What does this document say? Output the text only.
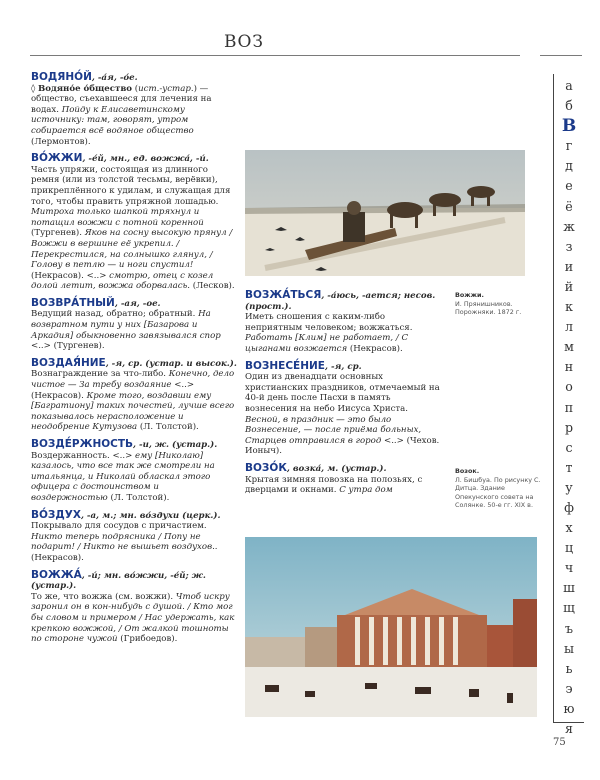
ВОЗ

ВОДЯНО́Й, -а́я, -о́е.
◊ Водяно́е о́бщество (ист.-устар.) — общество, съехавшееся для лечения на водах. Пойду к Елисаветинскому источнику: там, говорят, утром собирается всё водяное общество (Лермонтов).

ВО́ЖЖИ, -е́й, мн., ед. вожжа́, -и́.
Часть упряжи, состоящая из длинного ремня (или из толстой тесьмы, верёвки), прикреплённого к удилам, и служащая для того, чтобы править упряжной лошадью. Митроха только шапкой тряхнул и потащил вожжи с потной коренной (Тургенев). Яков на сосну высокую прянул / Вожжи в вершине её укрепил. / Перекрестился, на солнышко глянул, / Голову в петлю — и ноги спустил! (Некрасов). <..> смотрю, отец с козел долой летит, вожжа оборвалась. (Лесков).

ВОЗВРА́ТНЫЙ, -ая, -ое.
Ведущий назад, обратно; обратный. На возвратном пути у них [Базарова и Аркадия] обыкновенно завязывался спор <..> (Тургенев).

ВОЗДАЯ́НИЕ, -я, ср. (устар. и высок.).
Вознаграждение за что-либо. Конечно, дело чистое — За требу воздаяние <..> (Некрасов). Кроме того, воздавши ему [Багратиону] таких почестей, лучше всего показывалось нерасположение и неодобрение Кутузова (Л. Толстой).

ВОЗДЕ́РЖНОСТЬ, -и, ж. (устар.).
Воздержанность. <..> ему [Николаю] казалось, что все так же смотрели на итальянца, и Николай обласкал этого офицера с достоинством и воздержностью (Л. Толстой).

ВО́ЗДУХ, -а, м.; мн. во́здухи (церк.).
Покрывало для сосудов с причастием. Никто теперь подрясника / Попу не подарит! / Никто не вышьет воздухов.. (Некрасов).

ВОЖЖА́, -и́; мн. во́жжи, -е́й; ж. (устар.).
То же, что вожжа (см. вожжи). Чтоб искру заронил он в кон-нибудь с душой. / Кто мог бы словом и примером / Нас удержать, как крепкою вожжой, / От жалкой тошноты по стороне чужой (Грибоедов).

Вожжи.
И. Прянишников. Порожняки. 1872 г.

ВОЗЖА́ТЬСЯ, -а́юсь, -ается; несов. (прост.).
Иметь сношения с каким-либо неприятным человеком; вожжаться. Работать [Клим] не работает, / С цыганами возжается (Некрасов).

ВОЗНЕСЕ́НИЕ, -я, ср.
Один из двенадцати основных христианских праздников, отмечаемый на 40-й день после Пасхи в память вознесения на небо Иисуса Христа. Весной, в праздник — это было Вознесение, — после приёма больных, Старцев отправился в город <..> (Чехов. Ионыч).

ВОЗО́К, возка́, м. (устар.).
Крытая зимняя повозка на полозьях, с дверцами и окнами. С утра дом

Возок.
Л. Бишбуа. По рисунку С. Дитца. Здание Опекунского совета на Солянке. 50-е гг. XIX в.
а
б
В
г
д
е
ё
ж
з
и
й
к
л
м
н
о
п
р
с
т
у
ф
х
ц
ч
ш
щ
ъ
ы
ь
э
ю
я
75
